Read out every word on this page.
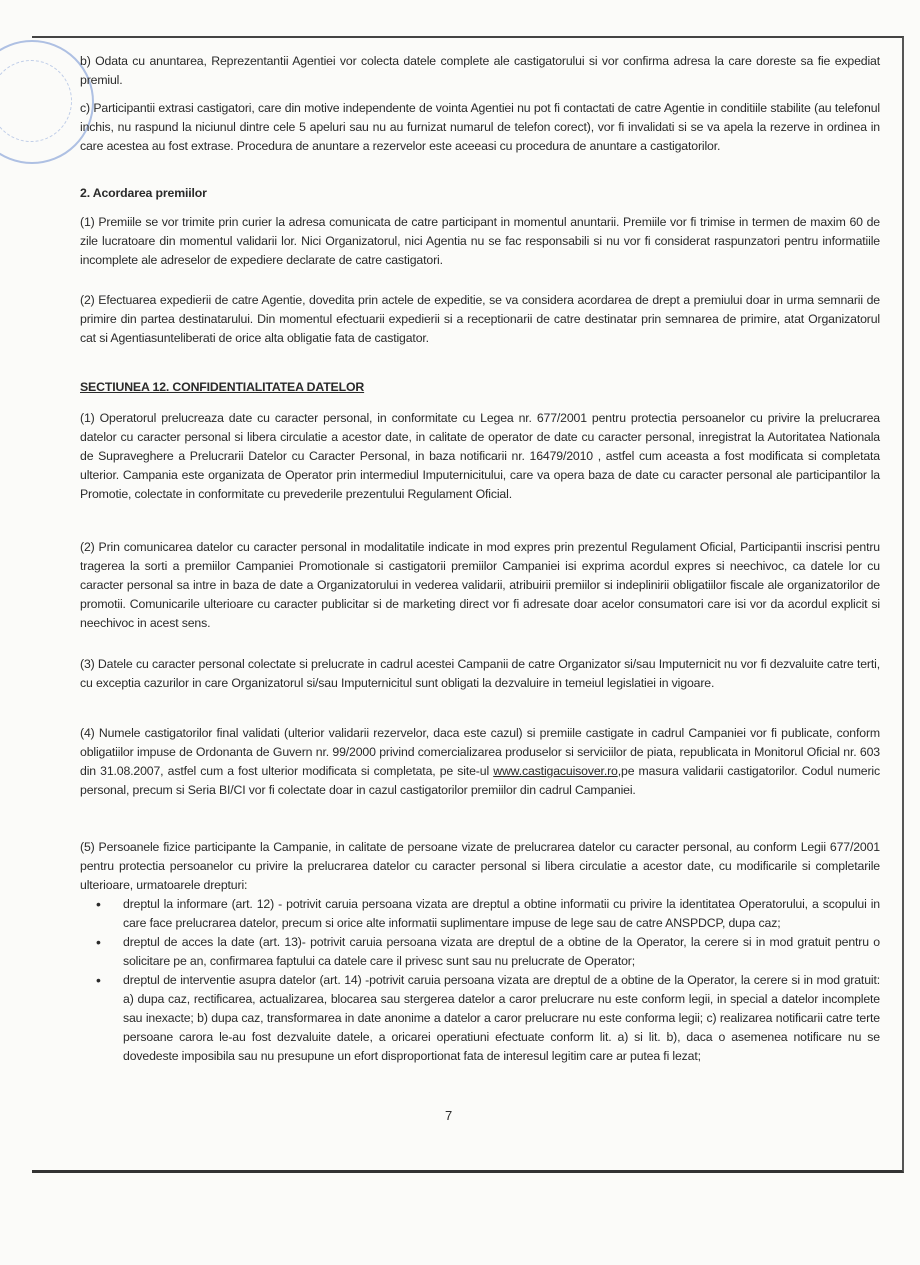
b) Odata cu anuntarea, Reprezentantii Agentiei vor colecta datele complete ale castigatorului si vor confirma adresa la care doreste sa fie expediat premiul.

c) Participantii extrasi castigatori, care din motive independente de vointa Agentiei nu pot fi contactati de catre Agentie in conditiile stabilite (au telefonul inchis, nu raspund la niciunul dintre cele 5 apeluri sau nu au furnizat numarul de telefon corect), vor fi invalidati si se va apela la rezerve in ordinea in care acestea au fost extrase. Procedura de anuntare a rezervelor este aceeasi cu procedura de anuntare a castigatorilor.

2. Acordarea premiilor

(1) Premiile se vor trimite prin curier la adresa comunicata de catre participant in momentul anuntarii. Premiile vor fi trimise in termen de maxim 60 de zile lucratoare din momentul validarii lor. Nici Organizatorul, nici Agentia nu se fac responsabili si nu vor fi considerat raspunzatori pentru informatiile incomplete ale adreselor de expediere declarate de catre castigatori.

(2) Efectuarea expedierii de catre Agentie, dovedita prin actele de expeditie, se va considera acordarea de drept a premiului doar in urma semnarii de primire din partea destinatarului. Din momentul efectuarii expedierii si a receptionarii de catre destinatar prin semnarea de primire, atat Organizatorul cat si Agentiasunteliberati de orice alta obligatie fata de castigator.

SECTIUNEA 12. CONFIDENTIALITATEA DATELOR

(1) Operatorul prelucreaza date cu caracter personal, in conformitate cu Legea nr. 677/2001 pentru protectia persoanelor cu privire la prelucrarea datelor cu caracter personal si libera circulatie a acestor date, in calitate de operator de date cu caracter personal, inregistrat la Autoritatea Nationala de Supraveghere a Prelucrarii Datelor cu Caracter Personal, in baza notificarii nr. 16479/2010 , astfel cum aceasta a fost modificata si completata ulterior. Campania este organizata de Operator prin intermediul Imputernicitului, care va opera baza de date cu caracter personal ale participantilor la Promotie, colectate in conformitate cu prevederile prezentului Regulament Oficial.

(2) Prin comunicarea datelor cu caracter personal in modalitatile indicate in mod expres prin prezentul Regulament Oficial, Participantii inscrisi pentru tragerea la sorti a premiilor Campaniei Promotionale si castigatorii premiilor Campaniei isi exprima acordul expres si neechivoc, ca datele lor cu caracter personal sa intre in baza de date a Organizatorului in vederea validarii, atribuirii premiilor si indeplinirii obligatiilor fiscale ale organizatorilor de promotii. Comunicarile ulterioare cu caracter publicitar si de marketing direct vor fi adresate doar acelor consumatori care isi vor da acordul explicit si neechivoc in acest sens.

(3) Datele cu caracter personal colectate si prelucrate in cadrul acestei Campanii de catre Organizator si/sau Imputernicit nu vor fi dezvaluite catre terti, cu exceptia cazurilor in care Organizatorul si/sau Imputernicitul sunt obligati la dezvaluire in temeiul legislatiei in vigoare.

(4) Numele castigatorilor final validati (ulterior validarii rezervelor, daca este cazul) si premiile castigate in cadrul Campaniei vor fi publicate, conform obligatiilor impuse de Ordonanta de Guvern nr. 99/2000 privind comercializarea produselor si serviciilor de piata, republicata in Monitorul Oficial nr. 603 din 31.08.2007, astfel cum a fost ulterior modificata si completata, pe site-ul www.castigacuisover.ro,pe masura validarii castigatorilor. Codul numeric personal, precum si Seria BI/CI vor fi colectate doar in cazul castigatorilor premiilor din cadrul Campaniei.

(5) Persoanele fizice participante la Campanie, in calitate de persoane vizate de prelucrarea datelor cu caracter personal, au conform Legii 677/2001 pentru protectia persoanelor cu privire la prelucrarea datelor cu caracter personal si libera circulatie a acestor date, cu modificarile si completarile ulterioare, urmatoarele drepturi:

• dreptul la informare (art. 12) - potrivit caruia persoana vizata are dreptul a obtine informatii cu privire la identitatea Operatorului, a scopului in care face prelucrarea datelor, precum si orice alte informatii suplimentare impuse de lege sau de catre ANSPDCP, dupa caz;
• dreptul de acces la date (art. 13)- potrivit caruia persoana vizata are dreptul de a obtine de la Operator, la cerere si in mod gratuit pentru o solicitare pe an, confirmarea faptului ca datele care il privesc sunt sau nu prelucrate de Operator;
• dreptul de interventie asupra datelor (art. 14) -potrivit caruia persoana vizata are dreptul de a obtine de la Operator, la cerere si in mod gratuit: a) dupa caz, rectificarea, actualizarea, blocarea sau stergerea datelor a caror prelucrare nu este conform legii, in special a datelor incomplete sau inexacte; b) dupa caz, transformarea in date anonime a datelor a caror prelucrare nu este conforma legii; c) realizarea notificarii catre terte persoane carora le-au fost dezvaluite datele, a oricarei operatiuni efectuate conform lit. a) si lit. b), daca o asemenea notificare nu se dovedeste imposibila sau nu presupune un efort disproportionat fata de interesul legitim care ar putea fi lezat;
7
